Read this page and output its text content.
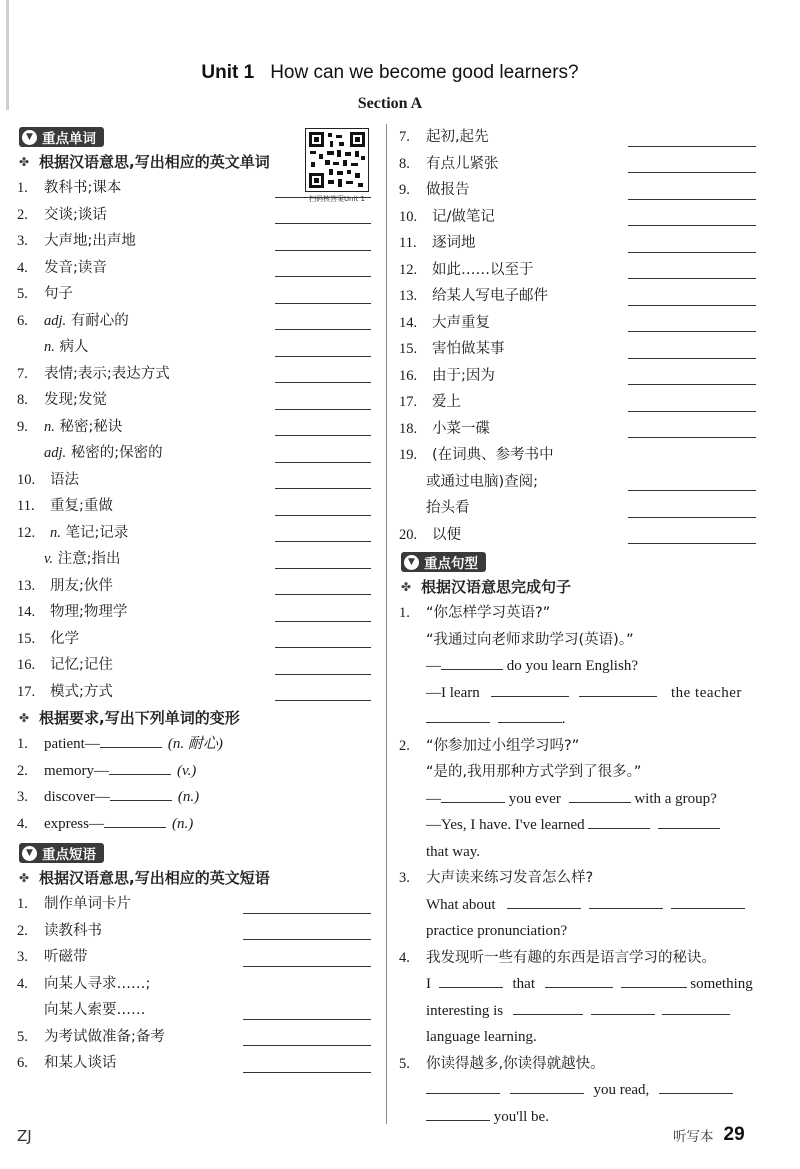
Unit 1 How can we become good learners?
Section A
扫码核答案Unit 1
▼ 重点单词
✤ 根据汉语意思,写出相应的英文单词
1.	教科书;课本
2.	交谈;谈话
3.	大声地;出声地
4.	发音;读音
5.	句子
6.	adj. 有耐心的
n. 病人
7.	表情;表示;表达方式
8.	发现;发觉
9.	n. 秘密;秘诀
adj. 秘密的;保密的
10.	语法
11.	重复;重做
12.	n. 笔记;记录
v. 注意;指出
13.	朋友;伙伴
14.	物理;物理学
15.	化学
16.	记忆;记住
17.	模式;方式
✤ 根据要求,写出下列单词的变形
1.	patient—	(n. 耐心)
2.	memory—	(v.)
3.	discover—	(n.)
4.	express—	(n.)
▼ 重点短语
✤ 根据汉语意思,写出相应的英文短语
1.	制作单词卡片
2.	读教科书
3.	听磁带
4.	向某人寻求……;
向某人索要……
5.	为考试做准备;备考
6.	和某人谈话
7.	起初,起先
8.	有点儿紧张
9.	做报告
10.	记/做笔记
11.	逐词地
12.	如此……以至于
13.	给某人写电子邮件
14.	大声重复
15.	害怕做某事
16.	由于;因为
17.	爱上
18.	小菜一碟
19.	(在词典、参考书中
或通过电脑)查阅;
抬头看
20.	以便
▼ 重点句型
✤ 根据汉语意思完成句子
1.	“你怎样学习英语?”
“我通过向老师求助学习(英语)。”
—	do you learn English?
—I learn	the teacher
.
2.	“你参加过小组学习吗?”
“是的,我用那种方式学到了很多。”
—	you ever	with a group?
—Yes, I have. I've learned
that way.
3.	大声读来练习发音怎么样?
What about
practice pronunciation?
4.	我发现听一些有趣的东西是语言学习的秘诀。
I	that	something
interesting is
language learning.
5.	你读得越多,你读得就越快。
you read,
you'll be.
ZJ	听写本 29
